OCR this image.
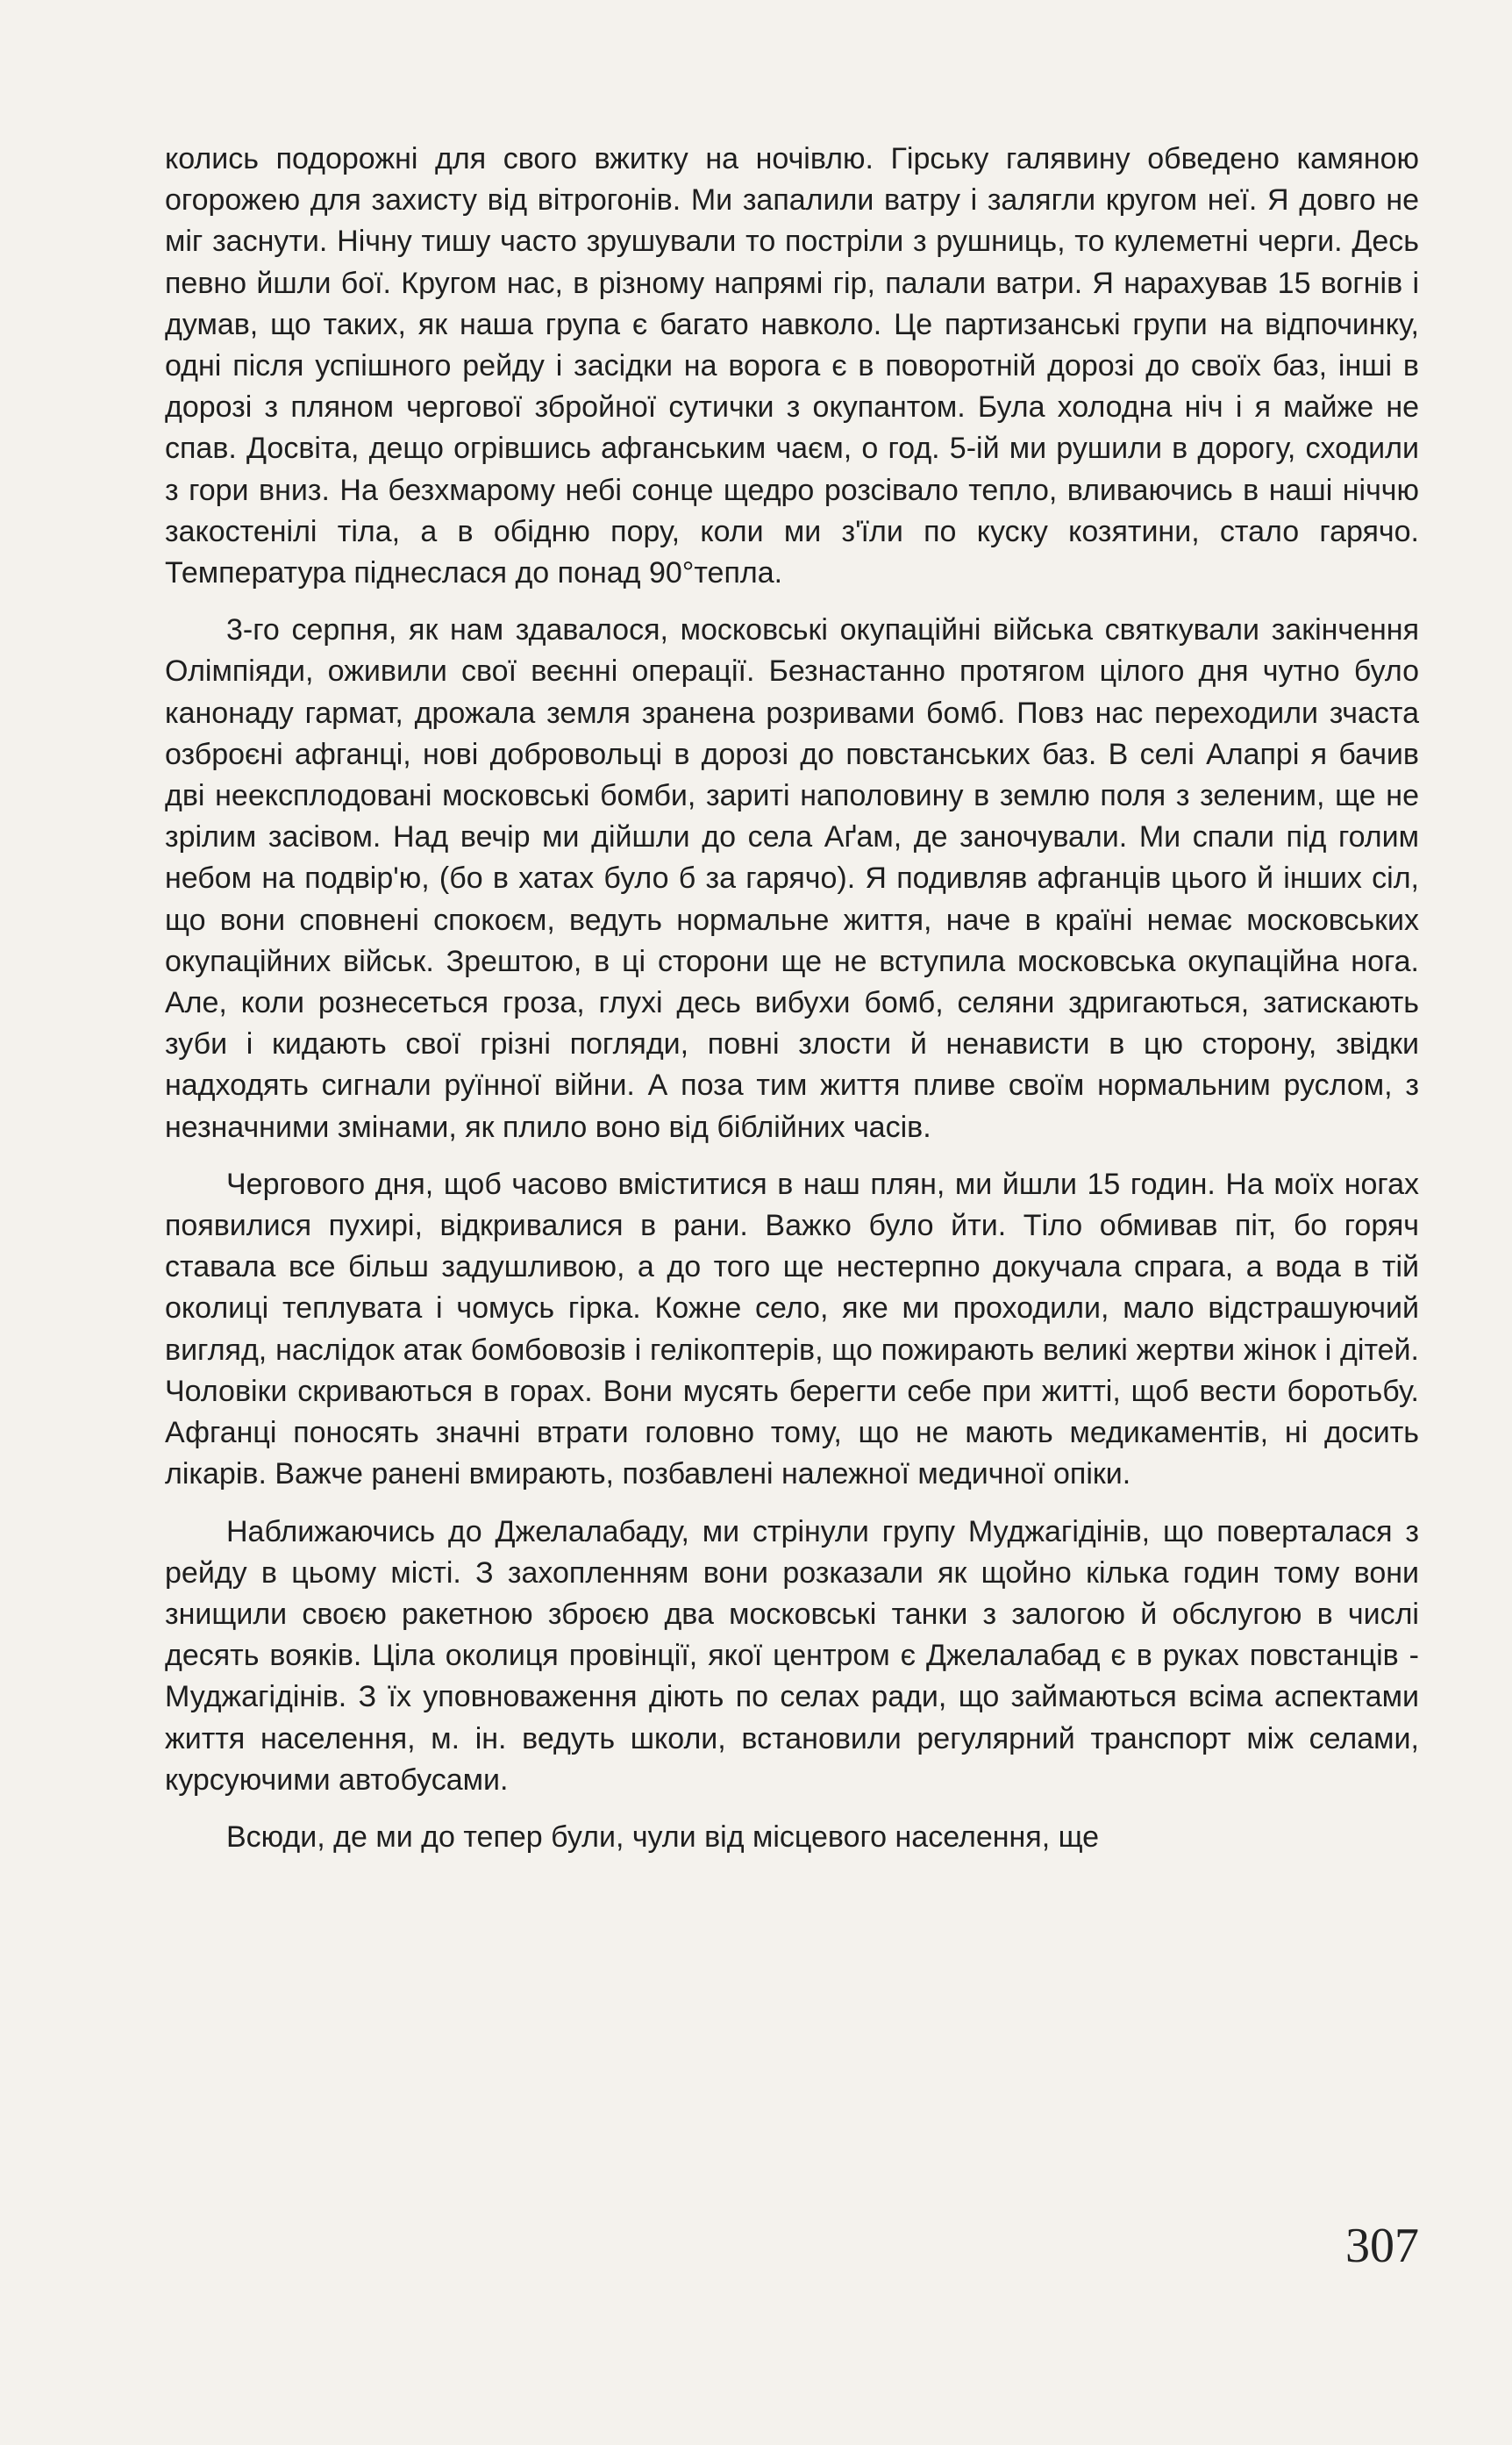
колись подорожні для свого вжитку на ночівлю. Гірську галявину обведено камяною огорожею для захисту від вітрогонів. Ми запалили ватру і залягли кругом неї. Я довго не міг заснути. Нічну тишу часто зрушували то постріли з рушниць, то кулеметні черги. Десь певно йшли бої. Кругом нас, в різному напрямі гір, палали ватри. Я нарахував 15 вогнів і думав, що таких, як наша група є багато навколо. Це партизанські групи на відпочинку, одні після успішного рейду і засідки на ворога є в поворотній дорозі до своїх баз, інші в дорозі з пляном чергової збройної сутички з окупантом. Була холодна ніч і я майже не спав. Досвіта, дещо огрівшись афганським чаєм, о год. 5-ій ми рушили в дорогу, сходили з гори вниз. На безхмарому небі сонце щедро розсівало тепло, вливаючись в наші ніччю закостенілі тіла, а в обідню пору, коли ми з'їли по куску козятини, стало гарячо. Температура піднеслася до понад 90°тепла.

3-го серпня, як нам здавалося, московські окупаційні війська святкували закінчення Олімпіяди, оживили свої веєнні операції. Безнастанно протягом цілого дня чутно було канонаду гармат, дрожала земля зранена розривами бомб. Повз нас переходили зчаста озброєні афганці, нові добровольці в дорозі до повстанських баз. В селі Алапрі я бачив дві неексплодовані московські бомби, зариті наполовину в землю поля з зеленим, ще не зрілим засівом. Над вечір ми дійшли до села Аґам, де заночували. Ми спали під голим небом на подвір'ю, (бо в хатах було б за гарячо). Я подивляв афганців цього й інших сіл, що вони сповнені спокоєм, ведуть нормальне життя, наче в країні немає московських окупаційних військ. Зрештою, в ці сторони ще не вступила московська окупаційна нога. Але, коли рознесеться гроза, глухі десь вибухи бомб, селяни здригаються, затискають зуби і кидають свої грізні погляди, повні злости й ненависти в цю сторону, звідки надходять сигнали руїнної війни. А поза тим життя пливе своїм нормальним руслом, з незначними змінами, як плило воно від біблійних часів.

Чергового дня, щоб часово вміститися в наш плян, ми йшли 15 годин. На моїх ногах появилися пухирі, відкривалися в рани. Важко було йти. Тіло обмивав піт, бо горяч ставала все більш задушливою, а до того ще нестерпно докучала спрага, а вода в тій околиці теплувата і чомусь гірка. Кожне село, яке ми проходили, мало відстрашуючий вигляд, наслідок атак бомбовозів і гелікоптерів, що пожирають великі жертви жінок і дітей. Чоловіки скриваються в горах. Вони мусять берегти себе при житті, щоб вести боротьбу. Афганці поносять значні втрати головно тому, що не мають медикаментів, ні досить лікарів. Важче ранені вмирають, позбавлені належної медичної опіки.

Наближаючись до Джелалабаду, ми стрінули групу Муджагідінів, що поверталася з рейду в цьому місті. З захопленням вони розказали як щойно кілька годин тому вони знищили своєю ракетною зброєю два московські танки з залогою й обслугою в числі десять вояків. Ціла околиця провінції, якої центром є Джелалабад є в руках повстанців - Муджагідінів. З їх уповноваження діють по селах ради, що займаються всіма аспектами життя населення, м. ін. ведуть школи, встановили регулярний транспорт між селами, курсуючими автобусами.

Всюди, де ми до тепер були, чули від місцевого населення, ще

307
